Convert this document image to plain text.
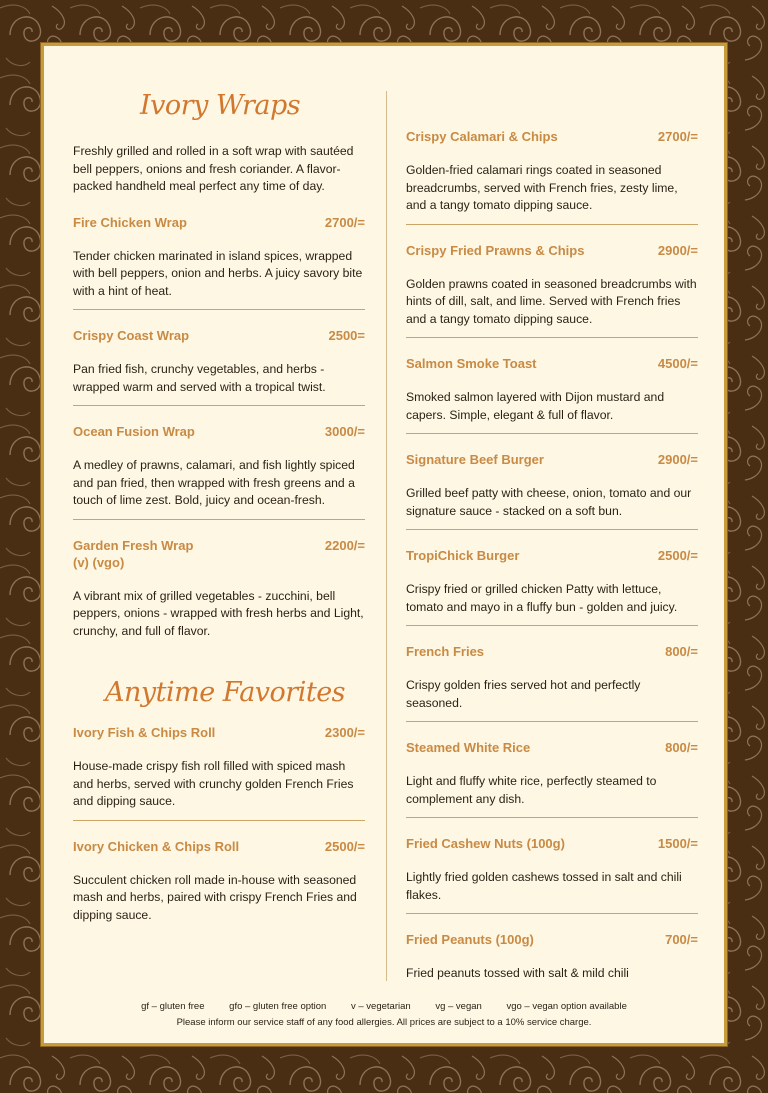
Ivory Wraps

Freshly grilled and rolled in a soft wrap with sautéed bell peppers, onions and fresh coriander. A flavor-packed handheld meal perfect any time of day.

Fire Chicken Wrap	2700/=

Tender chicken marinated in island spices, wrapped with bell peppers, onion and herbs. A juicy savory bite with a hint of heat.

Crispy Coast Wrap	2500=

Pan fried fish, crunchy vegetables, and herbs - wrapped warm and served with a tropical twist.

Ocean Fusion Wrap	3000/=

A medley of prawns, calamari, and fish lightly spiced and pan fried, then wrapped with fresh greens and a touch of lime zest. Bold, juicy and ocean-fresh.

Garden Fresh Wrap
(v) (vgo)
2200/=

A vibrant mix of grilled vegetables - zucchini, bell peppers, onions - wrapped with fresh herbs and Light, crunchy, and full of flavor.

Anytime Favorites
Ivory Fish & Chips Roll	2300/=

House-made crispy fish roll filled with spiced mash and herbs, served with crunchy golden French Fries and dipping sauce.

Ivory Chicken & Chips Roll	2500/=

Succulent chicken roll made in-house with seasoned mash and herbs, paired with crispy French Fries and dipping sauce.

Crispy Calamari & Chips	2700/=

Golden-fried calamari rings coated in seasoned breadcrumbs, served with French fries, zesty lime, and a tangy tomato dipping sauce.

Crispy Fried Prawns & Chips	2900/=

Golden prawns coated in seasoned breadcrumbs with hints of dill, salt, and lime. Served with French fries and a tangy tomato dipping sauce.

Salmon Smoke Toast	4500/=

Smoked salmon layered with Dijon mustard and capers. Simple, elegant & full of flavor.

Signature Beef Burger	2900/=

Grilled beef patty with cheese, onion, tomato and our signature sauce - stacked on a soft bun.

TropiChick Burger	2500/=

Crispy fried or grilled chicken Patty with lettuce, tomato and mayo in a fluffy bun - golden and juicy.

French Fries	800/=

Crispy golden fries served hot and perfectly seasoned.

Steamed White Rice	800/=

Light and fluffy white rice, perfectly steamed to complement any dish.

Fried Cashew Nuts (100g)	1500/=

Lightly fried golden cashews tossed in salt and chili flakes.

Fried Peanuts (100g)	700/=

Fried peanuts tossed with salt & mild chili

gf – gluten free	gfo – gluten free option	v – vegetarian	vg – vegan	vgo – vegan option available
Please inform our service staff of any food allergies. All prices are subject to a 10% service charge.
